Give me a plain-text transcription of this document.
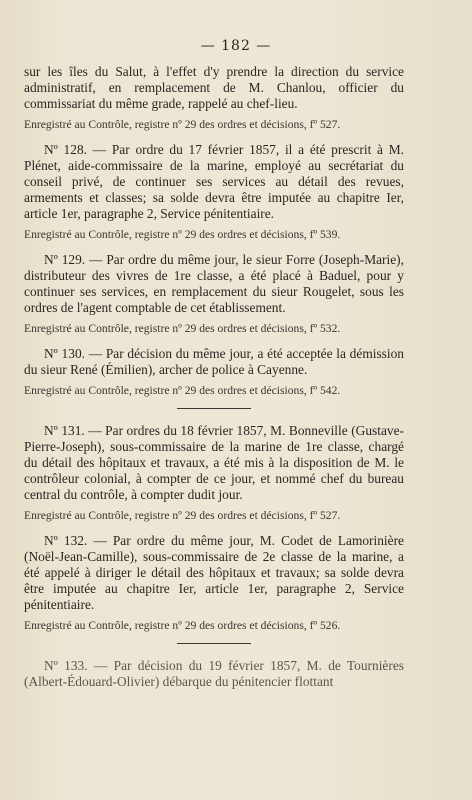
— 182 —

sur les îles du Salut, à l'effet d'y prendre la direction du service administratif, en remplacement de M. Chanlou, officier du commissariat du même grade, rappelé au chef-lieu.

Enregistré au Contrôle, registre nº 29 des ordres et décisions, fº 527.

Nº 128. — Par ordre du 17 février 1857, il a été prescrit à M. Plénet, aide-commissaire de la marine, employé au secrétariat du conseil privé, de continuer ses services au détail des revues, armements et classes; sa solde devra être imputée au chapitre Ier, article 1er, paragraphe 2, Service pénitentiaire.

Enregistré au Contrôle, registre nº 29 des ordres et décisions, fº 539.

Nº 129. — Par ordre du même jour, le sieur Forre (Joseph-Marie), distributeur des vivres de 1re classe, a été placé à Baduel, pour y continuer ses services, en remplacement du sieur Rougelet, sous les ordres de l'agent comptable de cet établissement.

Enregistré au Contrôle, registre nº 29 des ordres et décisions, fº 532.

Nº 130. — Par décision du même jour, a été acceptée la démission du sieur René (Émilien), archer de police à Cayenne.

Enregistré au Contrôle, registre nº 29 des ordres et décisions, fº 542.

Nº 131. — Par ordres du 18 février 1857, M. Bonneville (Gustave-Pierre-Joseph), sous-commissaire de la marine de 1re classe, chargé du détail des hôpitaux et travaux, a été mis à la disposition de M. le contrôleur colonial, à compter de ce jour, et nommé chef du bureau central du contrôle, à compter dudit jour.

Enregistré au Contrôle, registre nº 29 des ordres et décisions, fº 527.

Nº 132. — Par ordre du même jour, M. Codet de Lamorinière (Noël-Jean-Camille), sous-commissaire de 2e classe de la marine, a été appelé à diriger le détail des hôpitaux et travaux; sa solde devra être imputée au chapitre Ier, article 1er, paragraphe 2, Service pénitentiaire.

Enregistré au Contrôle, registre nº 29 des ordres et décisions, fº 526.

Nº 133. — Par décision du 19 février 1857, M. de Tournières (Albert-Édouard-Olivier) débarque du pénitencier flottant
